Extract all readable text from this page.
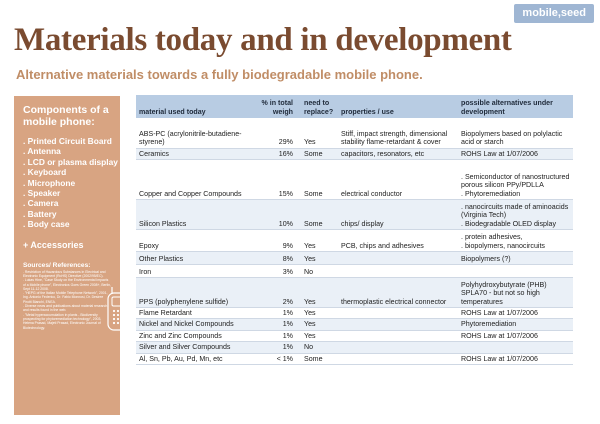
mobile,seed
Materials today and in development
Alternative materials towards a fully biodegradable mobile phone.
Components of a mobile phone:
. Printed Circuit Board
. Antenna
. LCD or plasma display
. Keyboard
. Microphone
. Speaker
. Camera
. Battery
. Body case
+ Accessories
Sources/ References:
. Restriction of Hazardous Substances in Electrical and Electronic Equipment (RoHS) Directive (2002/95/EC).
. Lukas Hine, "Case Study on the Environmental Impacts of a Mobile phone", Electronics Goes Green 2008+, Berlin, Sept 11-12 2008.
. "HEPG of the Italian Mobile Telephone Network", 2001, Ing. Antonio Federico, Dr. Fabio Monnosi, Dr. Desiree Pirotti Bianchi, ENEA.
. Diverse news and publications about material research and results found in the web.
. "Metal hyperaccumulation in plants - Biodiversity prospecting for phytoremediation technology", 2003, Helena Prasad, Majeti Prasad, Electronic Journal of Biotechnology.
material used today	% in total weigh	need to replace?	properties / use	possible alternatives under development
ABS-PC (acrylonitrile-butadiene-styrene)	29%	Yes	Stiff, impact strength, dimensional stability flame-retardant & cover	Biopolymers based on polylactic acid or starch
Ceramics	16%	Some	capacitors, resonators, etc	ROHS Law at 1/07/2006
Copper and Copper Compounds	15%	Some	electrical conductor	. Semiconductor of nanostructured porous silicon PPy/PDLLA
. Phytoremediation
Silicon Plastics	10%	Some	chips/ display	. nanocircuits made of aminoacids (Virginia Tech)
. Biodegradable OLED display
Epoxy	9%	Yes	PCB, chips and adhesives	. protein adhesives,
. biopolymers, nanocircuits
Other Plastics	8%	Yes		Biopolymers (?)
Iron	3%	No		
PPS (polyphenylene sulfide)	2%	Yes	thermoplastic electrical connector	Polyhydroxybutyrate (PHB) SPLA70 - but not so high temperatures
Flame Retardant	1%	Yes		ROHS Law at 1/07/2006
Nickel and Nickel Compounds	1%	Yes		Phytoremediation
Zinc and Zinc Compounds	1%	Yes		ROHS Law at 1/07/2006
Silver and Silver Compounds	1%	No		
Al, Sn, Pb, Au, Pd, Mn, etc	< 1%	Some		ROHS Law at 1/07/2006
